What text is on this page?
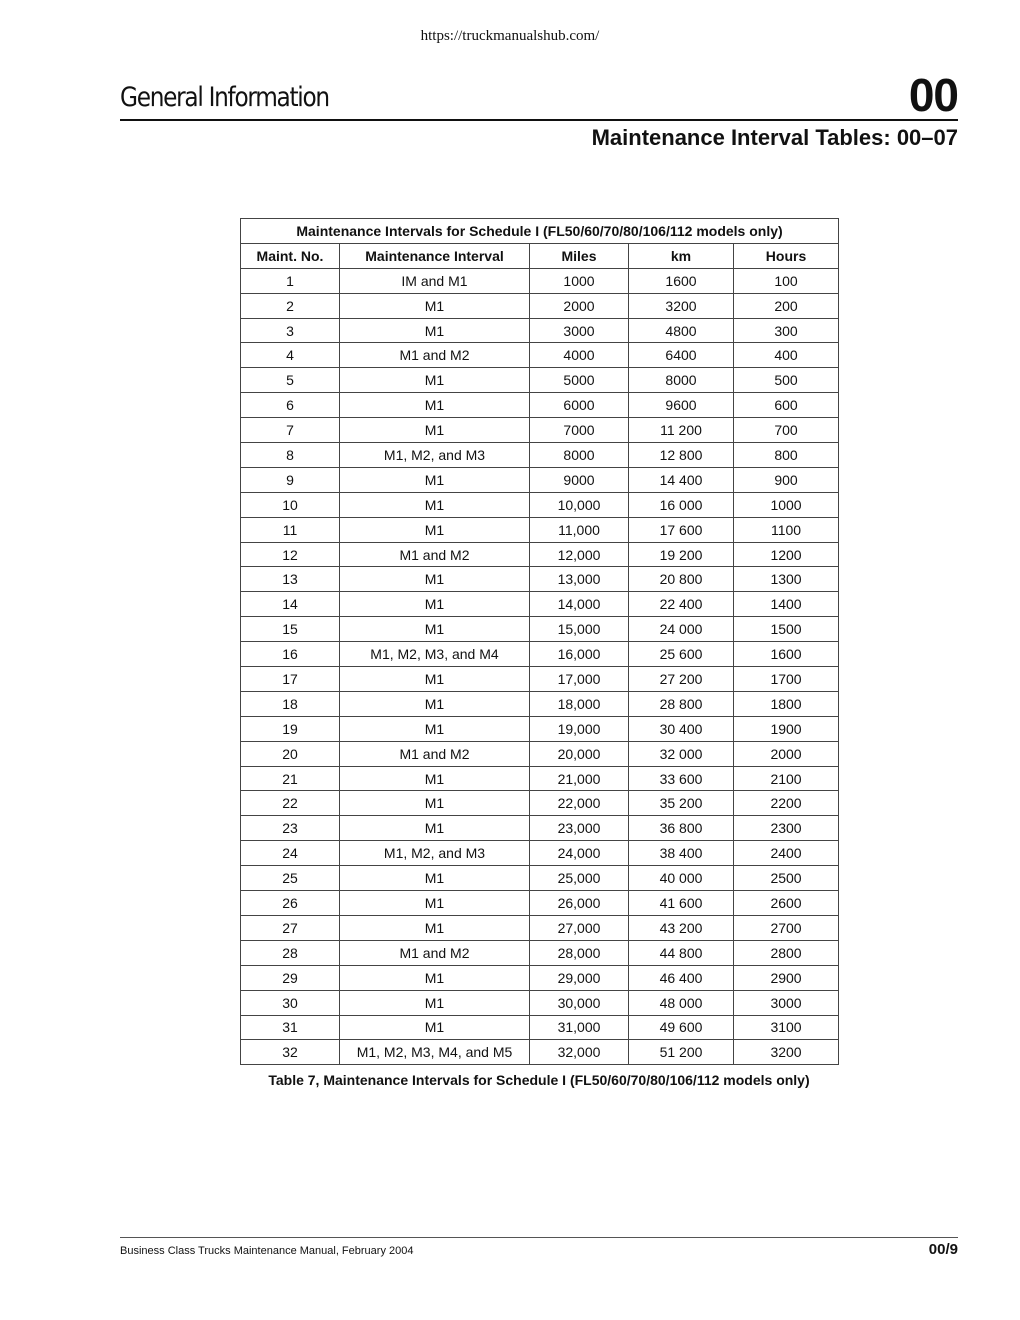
https://truckmanualshub.com/
General Information	00
Maintenance Interval Tables: 00–07
Maintenance Intervals for Schedule I (FL50/60/70/80/106/112 models only)				
Maint. No.	Maintenance Interval	Miles	km	Hours
1	IM and M1	1000	1600	100
2	M1	2000	3200	200
3	M1	3000	4800	300
4	M1 and M2	4000	6400	400
5	M1	5000	8000	500
6	M1	6000	9600	600
7	M1	7000	11 200	700
8	M1, M2, and M3	8000	12 800	800
9	M1	9000	14 400	900
10	M1	10,000	16 000	1000
11	M1	11,000	17 600	1100
12	M1 and M2	12,000	19 200	1200
13	M1	13,000	20 800	1300
14	M1	14,000	22 400	1400
15	M1	15,000	24 000	1500
16	M1, M2, M3, and M4	16,000	25 600	1600
17	M1	17,000	27 200	1700
18	M1	18,000	28 800	1800
19	M1	19,000	30 400	1900
20	M1 and M2	20,000	32 000	2000
21	M1	21,000	33 600	2100
22	M1	22,000	35 200	2200
23	M1	23,000	36 800	2300
24	M1, M2, and M3	24,000	38 400	2400
25	M1	25,000	40 000	2500
26	M1	26,000	41 600	2600
27	M1	27,000	43 200	2700
28	M1 and M2	28,000	44 800	2800
29	M1	29,000	46 400	2900
30	M1	30,000	48 000	3000
31	M1	31,000	49 600	3100
32	M1, M2, M3, M4, and M5	32,000	51 200	3200
Table 7, Maintenance Intervals for Schedule I (FL50/60/70/80/106/112 models only)
Business Class Trucks Maintenance Manual, February 2004	00/9
